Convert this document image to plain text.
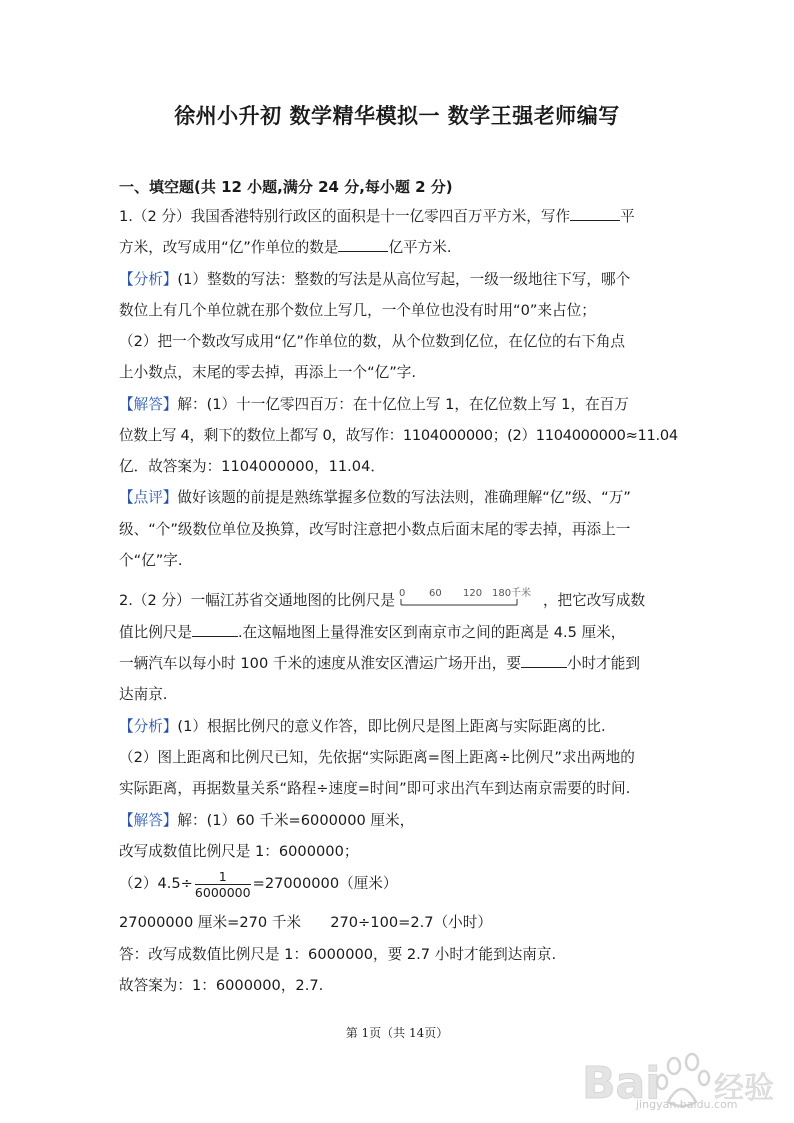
徐州小升初 数学精华模拟一 数学王强老师编写
一、填空题(共 12 小题,满分 24 分,每小题 2 分)
1.（2 分）我国香港特别行政区的面积是十一亿零四百万平方米，写作	平
方米，改写成用“亿”作单位的数是	亿平方米.
【分析】(1）整数的写法：整数的写法是从高位写起，一级一级地往下写，哪个
数位上有几个单位就在那个数位上写几，一个单位也没有时用“0”来占位；
（2）把一个数改写成用“亿”作单位的数，从个位数到亿位，在亿位的右下角点
上小数点，末尾的零去掉，再添上一个“亿”字.
【解答】解：(1）十一亿零四百万：在十亿位上写 1，在亿位数上写 1，在百万
位数上写 4，剩下的数位上都写 0，故写作：1104000000；(2）1104000000≈11.04
亿．故答案为：1104000000，11.04．
【点评】做好该题的前提是熟练掌握多位数的写法法则，准确理解“亿”级、“万”
级、“个”级数位单位及换算，改写时注意把小数点后面末尾的零去掉，再添上一
个“亿”字.
2.（2 分）一幅江苏省交通地图的比例尺是 0 60 120 180 千米 ，把它改写成数
值比例尺是	.在这幅地图上量得淮安区到南京市之间的距离是 4.5 厘米，
一辆汽车以每小时 100 千米的速度从淮安区漕运广场开出，要	小时才能到
达南京.
【分析】(1）根据比例尺的意义作答，即比例尺是图上距离与实际距离的比.
（2）图上距离和比例尺已知，先依据“实际距离=图上距离÷比例尺”求出两地的
实际距离，再据数量关系“路程÷速度=时间”即可求出汽车到达南京需要的时间.
【解答】解：(1）60 千米=6000000 厘米，
改写成数值比例尺是 1：6000000；
$(2)4.5\div \frac{1}{6000000} =27000000$（厘米）
27000000 厘米=270 千米　　270÷100=2.7（小时）
答：改写成数值比例尺是 1：6000000，要 2.7 小时才能到达南京.
故答案为：1：6000000，2.7.
第 1页（共 14页）
Bai 经验
jingyan.baidu.com
